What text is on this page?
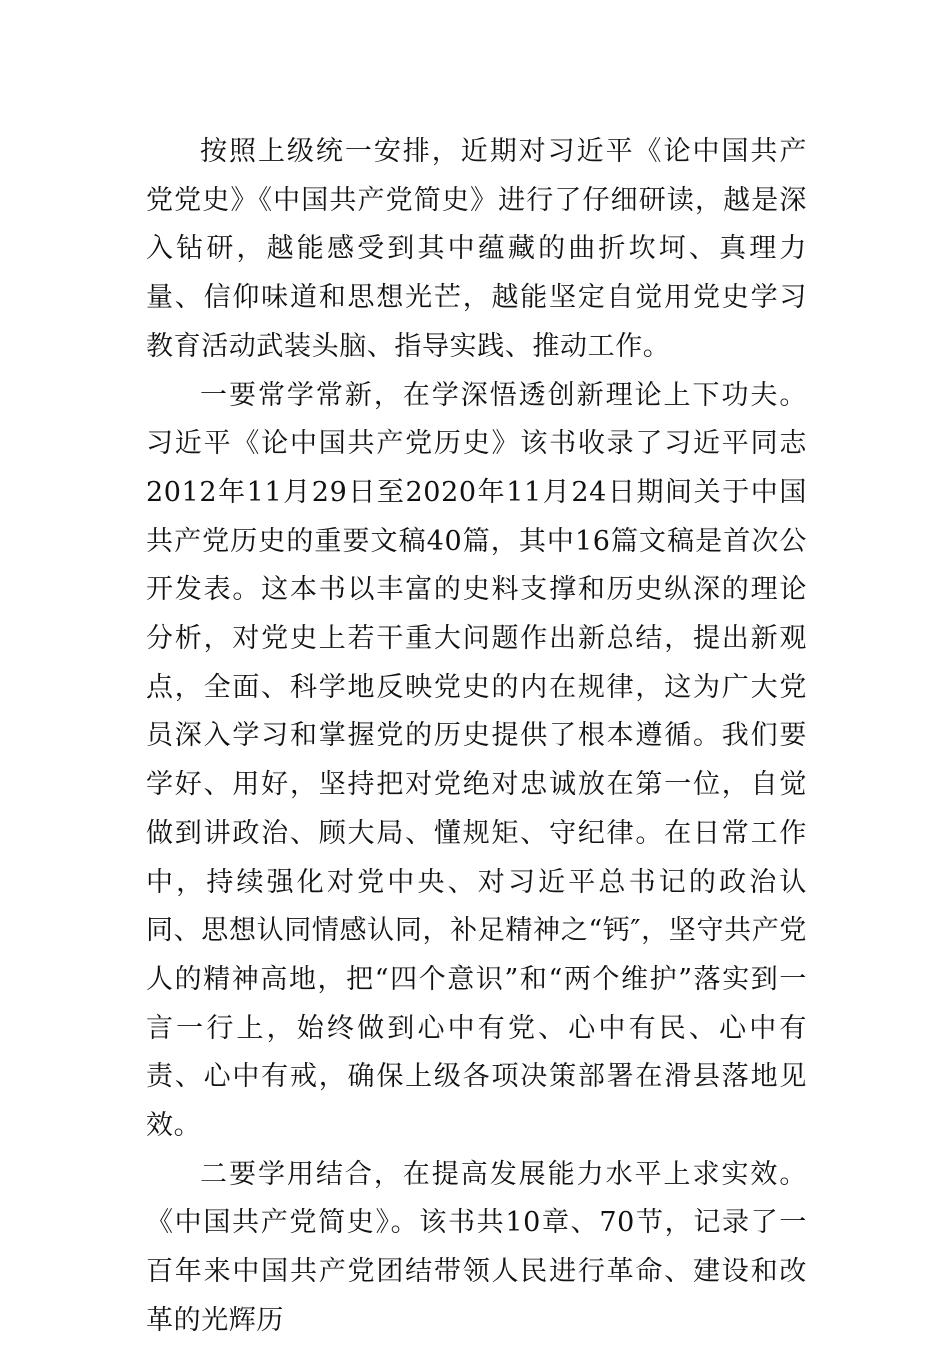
按照上级统一安排，近期对习近平《论中国共产党党史》《中国共产党简史》进行了仔细研读，越是深入钻研，越能感受到其中蕴藏的曲折坎坷、真理力量、信仰味道和思想光芒，越能坚定自觉用党史学习教育活动武装头脑、指导实践、推动工作。

一要常学常新，在学深悟透创新理论上下功夫。习近平《论中国共产党历史》该书收录了习近平同志2012年11月29日至2020年11月24日期间关于中国共产党历史的重要文稿40篇，其中16篇文稿是首次公开发表。这本书以丰富的史料支撑和历史纵深的理论分析，对党史上若干重大问题作出新总结，提出新观点，全面、科学地反映党史的内在规律，这为广大党员深入学习和掌握党的历史提供了根本遵循。我们要学好、用好，坚持把对党绝对忠诚放在第一位，自觉做到讲政治、顾大局、懂规矩、守纪律。在日常工作中，持续强化对党中央、对习近平总书记的政治认同、思想认同情感认同，补足精神之“钙″，坚守共产党人的精神高地，把“四个意识”和“两个维护”落实到一言一行上，始终做到心中有党、心中有民、心中有责、心中有戒，确保上级各项决策部署在滑县落地见效。

二要学用结合，在提高发展能力水平上求实效。《中国共产党简史》。该书共10章、70节，记录了一百年来中国共产党团结带领人民进行革命、建设和改革的光辉历
